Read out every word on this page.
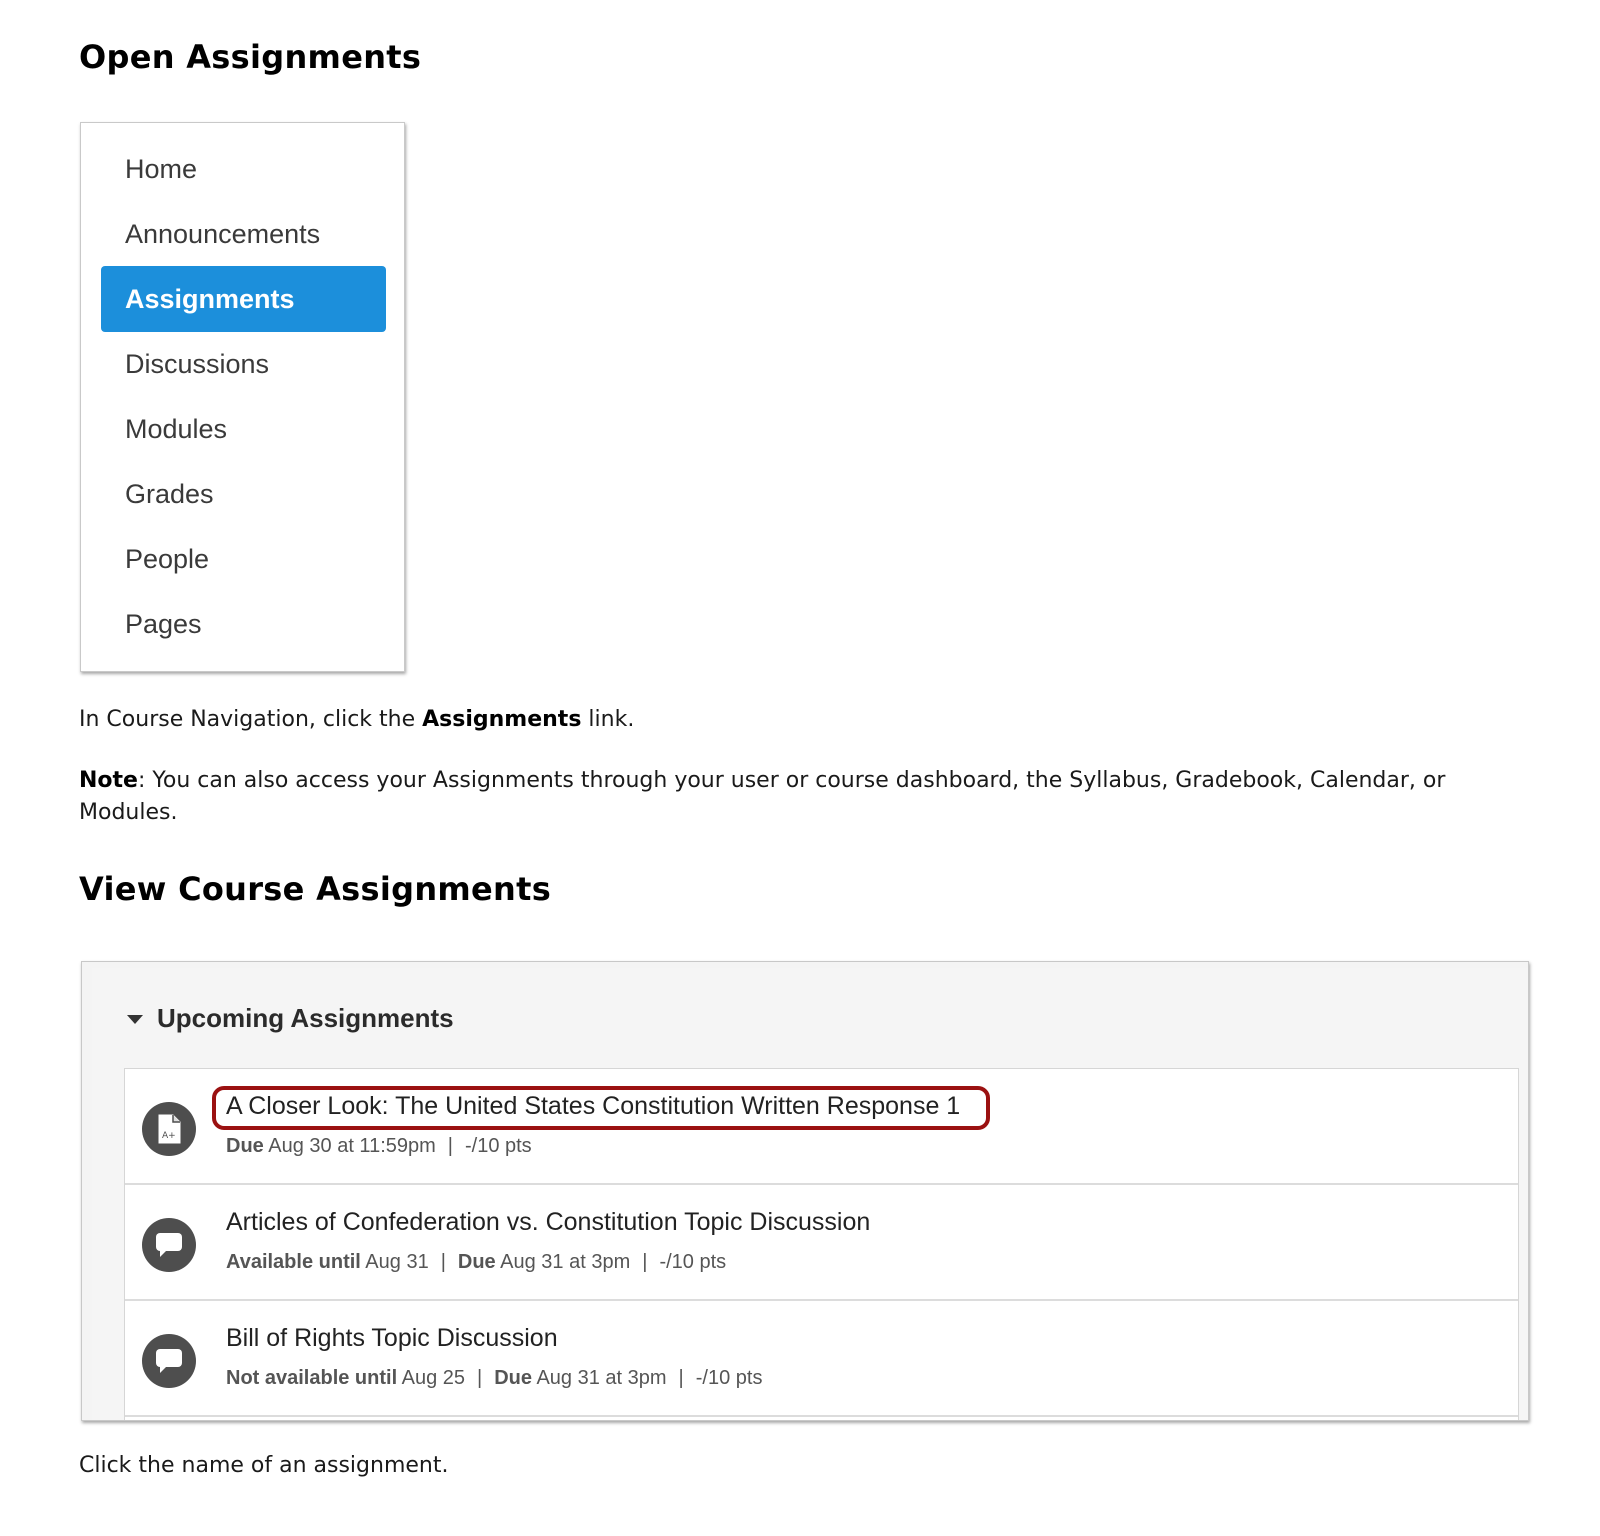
Open Assignments
Home
Announcements
Assignments
Discussions
Modules
Grades
People
Pages

In Course Navigation, click the Assignments link.

Note: You can also access your Assignments through your user or course dashboard, the Syllabus, Gradebook, Calendar, or Modules.

View Course Assignments
Upcoming Assignments
A+
A Closer Look: The United States Constitution Written Response 1
Due Aug 30 at 11:59pm | -/10 pts
Articles of Confederation vs. Constitution Topic Discussion
Available until Aug 31 | Due Aug 31 at 3pm | -/10 pts
Bill of Rights Topic Discussion
Not available until Aug 25 | Due Aug 31 at 3pm | -/10 pts

Click the name of an assignment.
